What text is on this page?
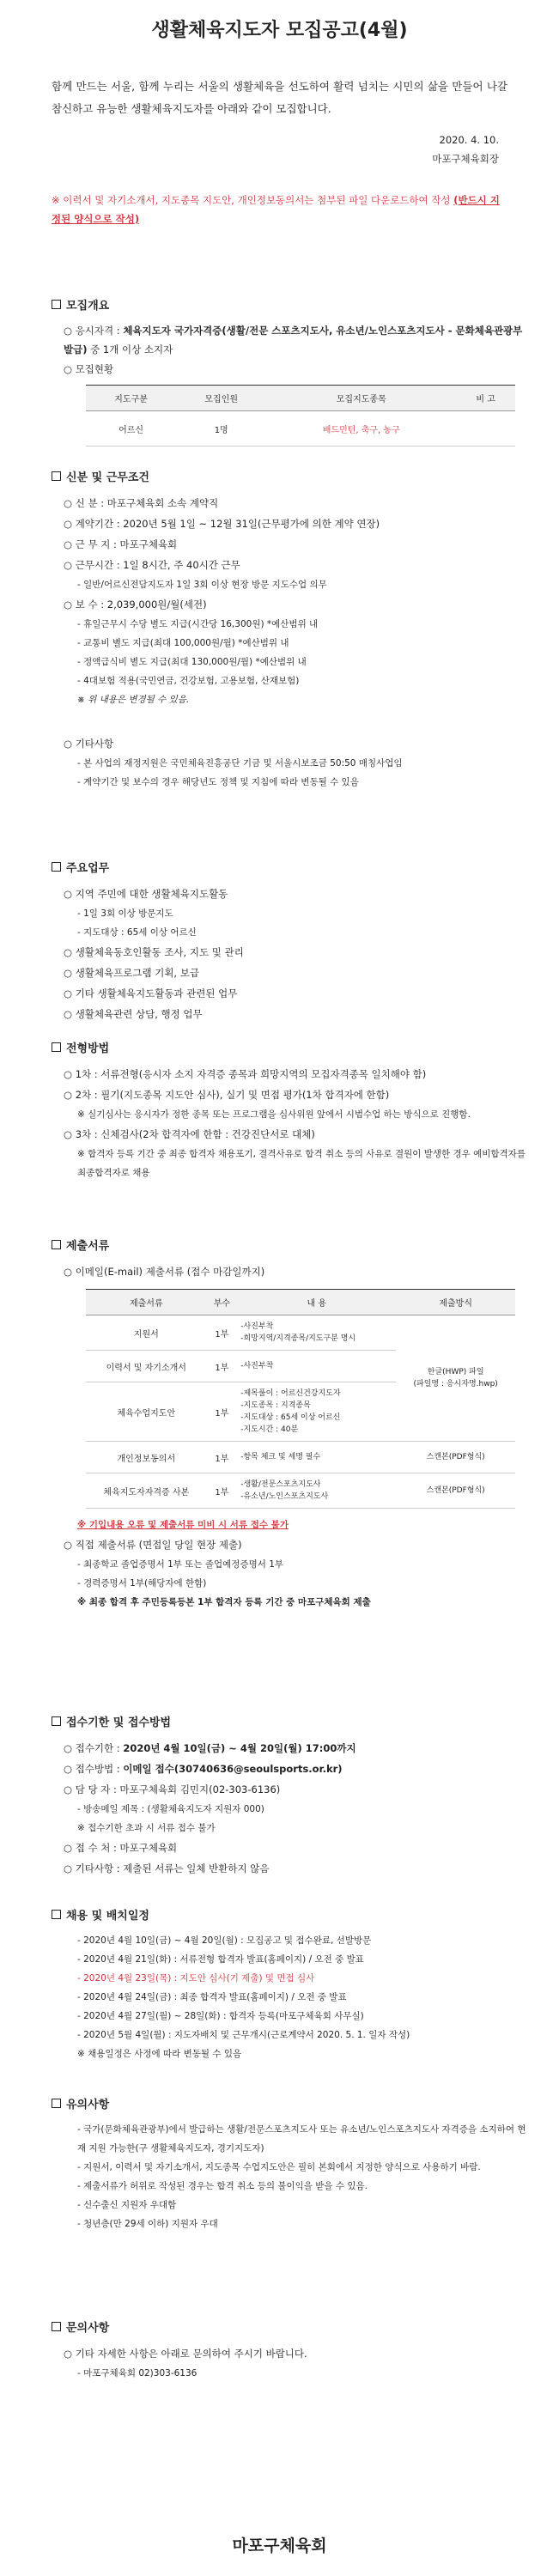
생활체육지도자 모집공고(4월)
함께 만드는 서울, 함께 누리는 서울의 생활체육을 선도하여 활력 넘치는 시민의 삶을 만들어 나갈 참신하고 유능한 생활체육지도자를 아래와 같이 모집합니다.
2020. 4. 10.
마포구체육회장
※ 이력서 및 자기소개서, 지도종목 지도안, 개인정보동의서는 첨부된 파일 다운로드하여 작성 (반드시 지정된 양식으로 작성)
모집개요
○ 응시자격 : 체육지도자 국가자격증(생활/전문 스포츠지도사, 유소년/노인스포츠지도사 - 문화체육관광부 발급) 중 1개 이상 소지자
○ 모집현황
지도구분	모집인원	모집지도종목	비 고
어르신	1명	배드민턴, 축구, 농구	
신분 및 근무조건
○ 신 분 : 마포구체육회 소속 계약직
○ 계약기간 : 2020년 5월 1일 ~ 12월 31일(근무평가에 의한 계약 연장)
○ 근 무 지 : 마포구체육회
○ 근무시간 : 1일 8시간, 주 40시간 근무
- 일반/어르신전담지도자 1일 3회 이상 현장 방문 지도수업 의무
○ 보 수 : 2,039,000원/월(세전)
- 휴일근무시 수당 별도 지급(시간당 16,300원) *예산범위 내
- 교통비 별도 지급(최대 100,000원/월) *예산범위 내
- 정액급식비 별도 지급(최대 130,000원/월) *예산범위 내
- 4대보험 적용(국민연금, 건강보험, 고용보험, 산재보험)
※ 위 내용은 변경될 수 있음.
○ 기타사항
- 본 사업의 재정지원은 국민체육진흥공단 기금 및 서울시보조금 50:50 매칭사업임
- 계약기간 및 보수의 경우 해당년도 정책 및 지침에 따라 변동될 수 있음
주요업무
○ 지역 주민에 대한 생활체육지도활동
- 1일 3회 이상 방문지도
- 지도대상 : 65세 이상 어르신
○ 생활체육동호인활동 조사, 지도 및 관리
○ 생활체육프로그램 기획, 보급
○ 기타 생활체육지도활동과 관련된 업무
○ 생활체육관련 상담, 행정 업무
전형방법
○ 1차 : 서류전형(응시자 소지 자격증 종목과 희망지역의 모집자격종목 일치해야 함)
○ 2차 : 필기(지도종목 지도안 심사), 실기 및 면접 평가(1차 합격자에 한함)
※ 실기심사는 응시자가 정한 종목 또는 프로그램을 심사위원 앞에서 시범수업 하는 방식으로 진행함.
○ 3차 : 신체검사(2차 합격자에 한함 : 건강진단서로 대체)
※ 합격자 등록 기간 중 최종 합격자 채용포기, 결격사유로 합격 취소 등의 사유로 결원이 발생한 경우 예비합격자를 최종합격자로 채용
제출서류
○ 이메일(E-mail) 제출서류 (접수 마감일까지)
제출서류	부수	내 용	제출방식
지원서	1부	-사진부착
-희망지역/지격종목/지도구분 명시	한글(HWP) 파일
(파일명 : 응시자명.hwp)
이력서 및 자기소개서	1부	-사진부착	
체육수업지도안	1부	-제목풀이 : 어르신건강지도자
-지도종목 : 지격종목
-지도대상 : 65세 이상 어르신
-지도시간 : 40분	
개인정보동의서	1부	-항목 체크 및 세명 필수	스캔본(PDF형식)
체육지도자자격증 사본	1부	-생활/전문스포츠지도사
-유소년/노인스포츠지도사	스캔본(PDF형식)
※ 기입내용 오류 및 제출서류 미비 시 서류 접수 불가
○ 직접 제출서류 (면접일 당일 현장 제출)
- 최종학교 졸업증명서 1부 또는 졸업예정증명서 1부
- 경력증명서 1부(해당자에 한함)
※ 최종 합격 후 주민등록등본 1부 합격자 등록 기간 중 마포구체육회 제출
접수기한 및 접수방법
○ 접수기한 : 2020년 4월 10일(금) ~ 4월 20일(월) 17:00까지
○ 접수방법 : 이메일 접수(30740636@seoulsports.or.kr)
○ 담 당 자 : 마포구체육회 김민지(02-303-6136)
- 방송메일 제목 : (생활체육지도자 지원자 000)
※ 접수기한 초과 시 서류 접수 불가
○ 접 수 처 : 마포구체육회
○ 기타사항 : 제출된 서류는 일체 반환하지 않음
채용 및 배치일정
- 2020년 4월 10일(금) ~ 4월 20일(월) : 모집공고 및 접수완료, 선발방문
- 2020년 4월 21일(화) : 서류전형 합격자 발표(홈페이지) / 오전 중 발표
- 2020년 4월 23일(목) : 지도안 심사(기 제출) 및 면접 심사
- 2020년 4월 24일(금) : 최종 합격자 발표(홈페이지) / 오전 중 발표
- 2020년 4월 27일(월) ~ 28일(화) : 합격자 등록(마포구체육회 사무실)
- 2020년 5월 4일(월) : 지도자배치 및 근무개시(근로계약서 2020. 5. 1. 일자 작성)
※ 채용일정은 사정에 따라 변동될 수 있음
유의사항
- 국가(문화체육관광부)에서 발급하는 생활/전문스포츠지도사 또는 유소년/노인스포츠지도사 자격증을 소지하여 현재 지원 가능한(구 생활체육지도자, 경기지도자)
- 지원서, 이력서 및 자기소개서, 지도종목 수업지도안은 필히 본회에서 지정한 양식으로 사용하기 바람.
- 제출서류가 허위로 작성된 경우는 합격 취소 등의 불이익을 받을 수 있음.
- 신수출신 지원자 우대함
- 청년층(만 29세 이하) 지원자 우대
문의사항
○ 기타 자세한 사항은 아래로 문의하여 주시기 바랍니다.
- 마포구체육회 02)303-6136
마포구체육회
